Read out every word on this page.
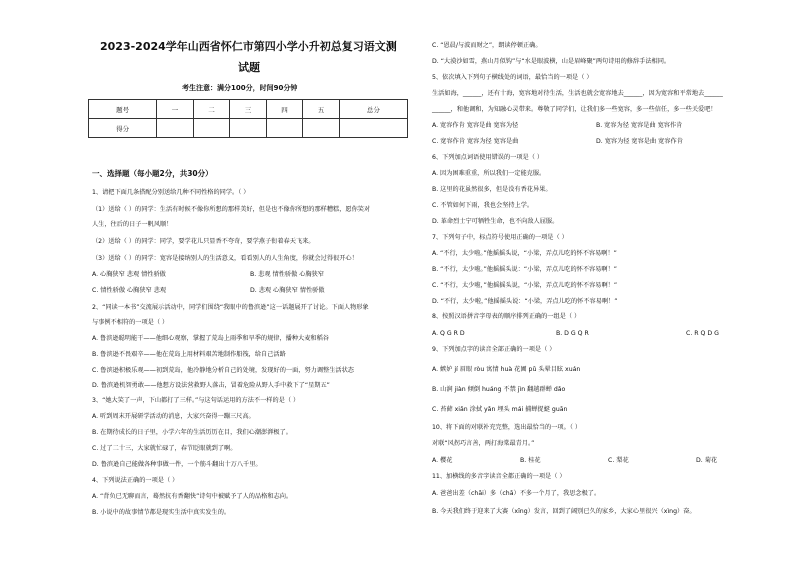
2023-2024学年山西省怀仁市第四小学小升初总复习语文测
试题
考生注意：满分100分，时间90分钟
题号	一	二	三	四	五	总分
得分						
一、选择题（每小题2分，共30分）
1、请把下面几条搭配分别送给几种不同性格的同学。（ ）
（1）送给（ ）的同学：生活有时候不像你所想的那样美好，但是也不像你所想的那样糟糕，愿你笑对
人生，往后的日子一帆风顺！
（2）送给（ ）的同学：同学，要学花儿只显香不夸奇，要学燕子衔着春天飞来。
（3）送给（ ）的同学：宽容是接纳别人的生活意义，看看别人的人生角度，你就会过得很开心！
A. 心胸狭窄 悲观 情性骄傲	B. 悲观 情性骄傲 心胸狭窄
C. 情性骄傲 心胸狭窄 悲观	D. 悲观 心胸狭窄 情性骄傲
2、“同读一本书”交流展示活动中，同学们围绕“我眼中的鲁滨逊”这一话题展开了讨论。下面人物形象
与事例不相符的一项是（ ）
A. 鲁滨逊聪明能干——他细心观察，掌握了荒岛上雨季和旱季的规律，播种大麦和稻谷
B. 鲁滨逊不畏艰辛——他在荒岛上用材料艰苦地制作船筏，给自己活路
C. 鲁滨逊积极乐观——初到荒岛，他冷静地分析自己的处境，发现好的一面，努力调整生活状态
D. 鲁滨逊机智勇敢——他想方设法营救野人落击，冒着危险从野人手中救下了“星期五”
3、“她大笑了一声，下山都打了三样。”与这句话运用的方法不一样的是（ ）
A. 听到周末开展研学活动的消息，大家兴奋得一蹦三尺高。
B. 在期待成长的日子里，小学六年的生活历历在目，我们心潮澎湃极了。
C. 过了二十三，大家就忙碌了，春节眨眼就到了啊。
D. 鲁滨逊自己能做各种事做一件，一个筋斗翻出十万八千里。
4、下列说法正确的一项是（ ）
A. “背负已无聊而言，蓦然抗有香翻快”诗句中被赋予了人的品格和志向。
B. 小说中的故事情节都是现实生活中真实发生的。
C. “恩晨/与波而财之”，朗读停顿正确。
D. “大漠沙如雪，燕山月似钩”与“水是眼波横，山是眉峰聚”两句诗用的修辞手法相同。
5、依次填入下列句子横线处的词语，最恰当的一项是（ ）
生活如海，______，还有十海，宽容地对待生活，生活也就会宽容地去______，因为宽容和平常地去______
______，和他调和，为知融心灵带来。尊敬了同学们，让我们多一些宽容，多一些信任，多一些关爱吧！
A. 宽容作肯 宽容是曲 宽容为径	B. 宽容为径 宽容是曲 宽容作肯
C. 宽容作肯 宽容为径 宽容是曲	D. 宽容为径 宽容是曲 宽容作肯
6、下列加点词语使用错误的一项是（ ）
A. 因为困难重重，所以我们一定能克服。
B. 这里的花虽然很多，但是没有香花异果。
C. 不管如何下雨，我也会坚持上学。
D. 革命烈士宁可牺牲生命，也不向敌人屈服。
7、下列句子中，标点符号使用正确的一项是（ ）
A. “不行，太少啦。”他摇摇头说，“小梁，弄点儿吃的怀不容易啊！”
B. “不行，太少啦。”他摇摇头说：“小梁，弄点儿吃的怀不容易啊！”
C. “不行，太少啦，”他摇摇头说，“小梁，弄点儿吃的怀不容易啊！”
D. “不行，太少啦，”他摇摇头说：“小梁，弄点儿吃的怀不容易啊！”
8、按照汉语拼音字母表的顺序排列正确的一组是（ ）
A. Q G R D	B. D G Q R	C. R Q D G
9、下列加点字的读音全部正确的一项是（ ）
A. 嫉妒 jí 眉眼 ròu 寓情 huà 花圃 pǔ 头晕目眩 xuán
B. 山涧 jiàn 倾倒 huáng 不禁 jìn 翻越群蝉 dǎo
C. 苔藓 xiǎn 涂拭 yǎn 埋头 mái 捕蝉捉蜓 guān
10、将下面的对联补充完整，选出最恰当的一项。（ ）
对联“风拐巧言善，两打海棠最青月。”
A. 樱花	B. 桂花	C. 梨花	D. 菊花
11、加横线的多音字读音全都正确的一项是（ ）
A. 爸爸出差（chāi）多（chā）不多一个月了，我思念极了。
B. 今天我们终于迎来了大赛（xīng）发言，回到了阔别已久的家乡，大家心里很兴（xìng）奋。
